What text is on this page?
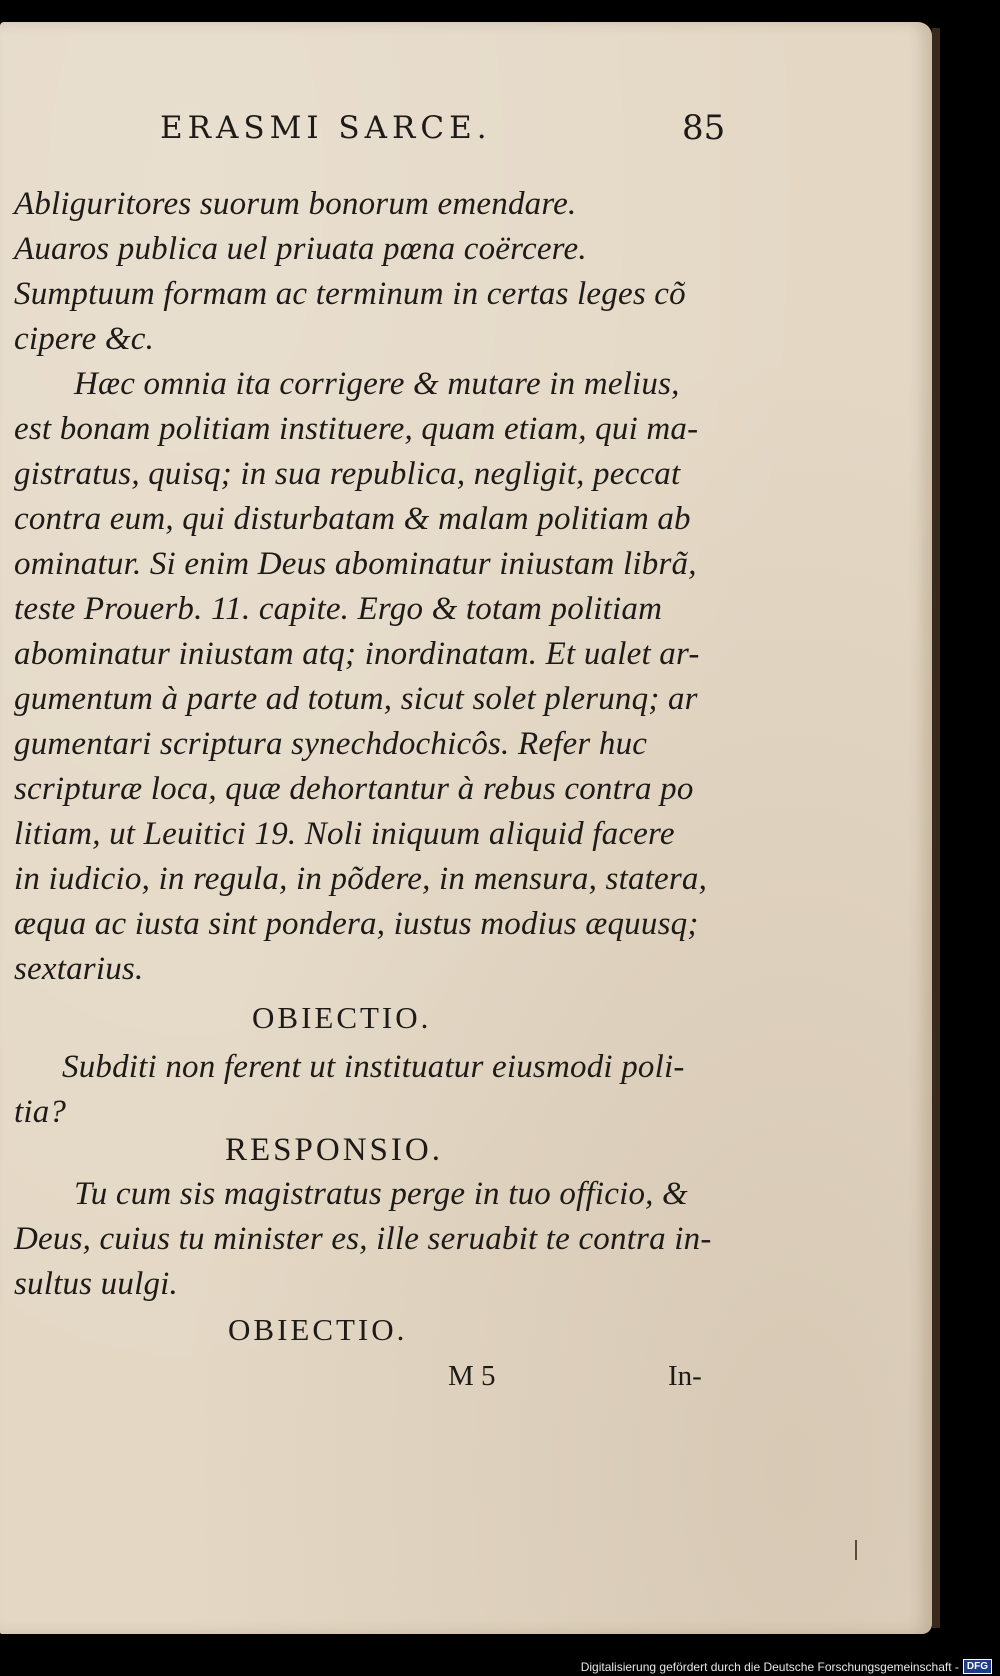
ERASMI SARCE.	85
Abliguritores suorum bonorum emendare.
Auaros publica uel priuata pœna coërcere.
Sumptuum formam ac terminum in certas leges cõ
cipere &c.
Hæc omnia ita corrigere & mutare in melius,
est bonam politiam instituere, quam etiam, qui ma-
gistratus, quisq; in sua republica, negligit, peccat
contra eum, qui disturbatam & malam politiam ab
ominatur. Si enim Deus abominatur iniustam librã,
teste Prouerb. 11. capite. Ergo & totam politiam
abominatur iniustam atq; inordinatam. Et ualet ar-
gumentum à parte ad totum, sicut solet plerunq; ar
gumentari scriptura synechdochicôs. Refer huc
scripturæ loca, quæ dehortantur à rebus contra po
litiam, ut Leuitici 19. Noli iniquum aliquid facere
in iudicio, in regula, in põdere, in mensura, statera,
æqua ac iusta sint pondera, iustus modius æquusq;
sextarius.
OBIECTIO.
Subditi non ferent ut instituatur eiusmodi poli-
tia?
RESPONSIO.
Tu cum sis magistratus perge in tuo officio, &
Deus, cuius tu minister es, ille seruabit te contra in-
sultus uulgi.
OBIECTIO.
M 5	In-
Digitalisierung gefördert durch die Deutsche Forschungsgemeinschaft - DFG
